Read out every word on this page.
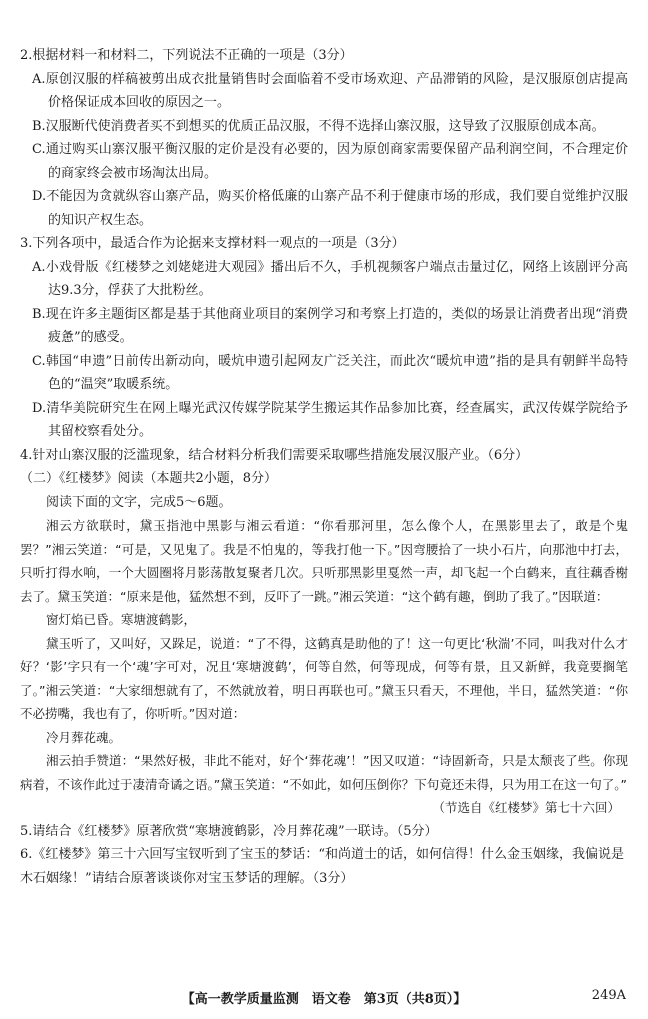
2.根据材料一和材料二，下列说法不正确的一项是（3分）

A.原创汉服的样稿被剪出成衣批量销售时会面临着不受市场欢迎、产品滞销的风险，是汉服原创店提高价格保证成本回收的原因之一。

B.汉服断代使消费者买不到想买的优质正品汉服，不得不选择山寨汉服，这导致了汉服原创成本高。

C.通过购买山寨汉服平衡汉服的定价是没有必要的，因为原创商家需要保留产品利润空间，不合理定价的商家终会被市场淘汰出局。

D.不能因为贪就纵容山寨产品，购买价格低廉的山寨产品不利于健康市场的形成，我们要自觉维护汉服的知识产权生态。

3.下列各项中，最适合作为论据来支撑材料一观点的一项是（3分）

A.小戏骨版《红楼梦之刘姥姥进大观园》播出后不久，手机视频客户端点击量过亿，网络上该剧评分高达9.3分，俘获了大批粉丝。

B.现在许多主题街区都是基于其他商业项目的案例学习和考察上打造的，类似的场景让消费者出现“消费疲惫”的感受。

C.韩国“申遗”日前传出新动向，暖炕申遗引起网友广泛关注，而此次“暖炕申遗”指的是具有朝鲜半岛特色的“温突”取暖系统。

D.清华美院研究生在网上曝光武汉传媒学院某学生搬运其作品参加比赛，经查属实，武汉传媒学院给予其留校察看处分。

4.针对山寨汉服的泛滥现象，结合材料分析我们需要采取哪些措施发展汉服产业。（6分）

（二）《红楼梦》阅读（本题共2小题，8分）

阅读下面的文字，完成5～6题。

湘云方欲联时，黛玉指池中黑影与湘云看道：“你看那河里，怎么像个人，在黑影里去了，敢是个鬼罢？”湘云笑道：“可是，又见鬼了。我是不怕鬼的，等我打他一下。”因弯腰拾了一块小石片，向那池中打去，只听打得水响，一个大圆圈将月影荡散复聚者几次。只听那黑影里戛然一声，却飞起一个白鹤来，直往藕香榭去了。黛玉笑道：“原来是他，猛然想不到，反吓了一跳。”湘云笑道：“这个鹤有趣，倒助了我了。”因联道：

窗灯焰已昏。寒塘渡鹤影，

黛玉听了，又叫好，又跺足，说道：“了不得，这鹤真是助他的了！这一句更比‘秋湍’不同，叫我对什么才好？‘影’字只有一个‘魂’字可对，况且‘寒塘渡鹤’，何等自然，何等现成，何等有景，且又新鲜，我竟要搁笔了。”湘云笑道：“大家细想就有了，不然就放着，明日再联也可。”黛玉只看天，不理他，半日，猛然笑道：“你不必捞嘴，我也有了，你听听。”因对道：

冷月葬花魂。

湘云拍手赞道：“果然好极，非此不能对，好个‘葬花魂’！”因又叹道：“诗固新奇，只是太颓丧了些。你现病着，不该作此过于凄清奇谲之语。”黛玉笑道：“不如此，如何压倒你？下句竟还未得，只为用工在这一句了。”

（节选自《红楼梦》第七十六回）

5.请结合《红楼梦》原著欣赏“寒塘渡鹤影，冷月葬花魂”一联诗。（5分）

6.《红楼梦》第三十六回写宝钗听到了宝玉的梦话：“和尚道士的话，如何信得！什么金玉姻缘，我偏说是木石姻缘！”请结合原著谈谈你对宝玉梦话的理解。（3分）

【高一教学质量监测　语文卷　第3页（共8页）】	249A
